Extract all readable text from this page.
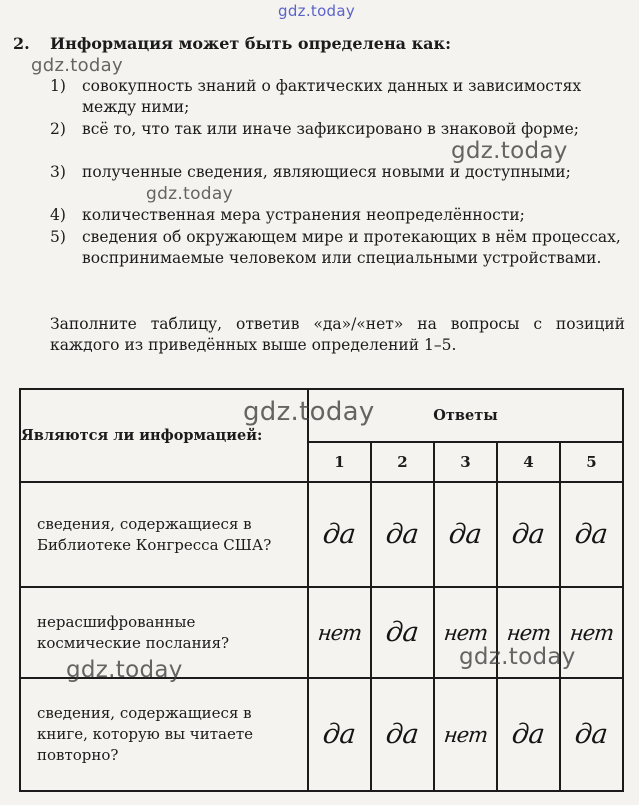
gdz.today
2. Информация может быть определена как:
1)	совокупность знаний о фактических данных и зависимостях между ними;
2)	всё то, что так или иначе зафиксировано в знаковой форме;
3)	полученные сведения, являющиеся новыми и доступными;
4)	количественная мера устранения неопределённости;
5)	сведения об окружающем мире и протекающих в нём процессах, воспринимаемые человеком или специальными устройствами.
Заполните таблицу, ответив «да»/«нет» на вопросы с позиций каждого из приведённых выше определений 1–5.
Являются ли информацией:	Ответы				
	1	2	3	4	5
сведения, содержащиеся в Библиотеке Конгресса США?	да	да	да	да	да
нерасшифрованные космические послания?	нет	да	нет	нет	нет
сведения, содержащиеся в книге, которую вы читаете повторно?	да	да	нет	да	да
gdz.today
gdz.today
gdz.today
gdz.today
gdz.today
gdz.today
